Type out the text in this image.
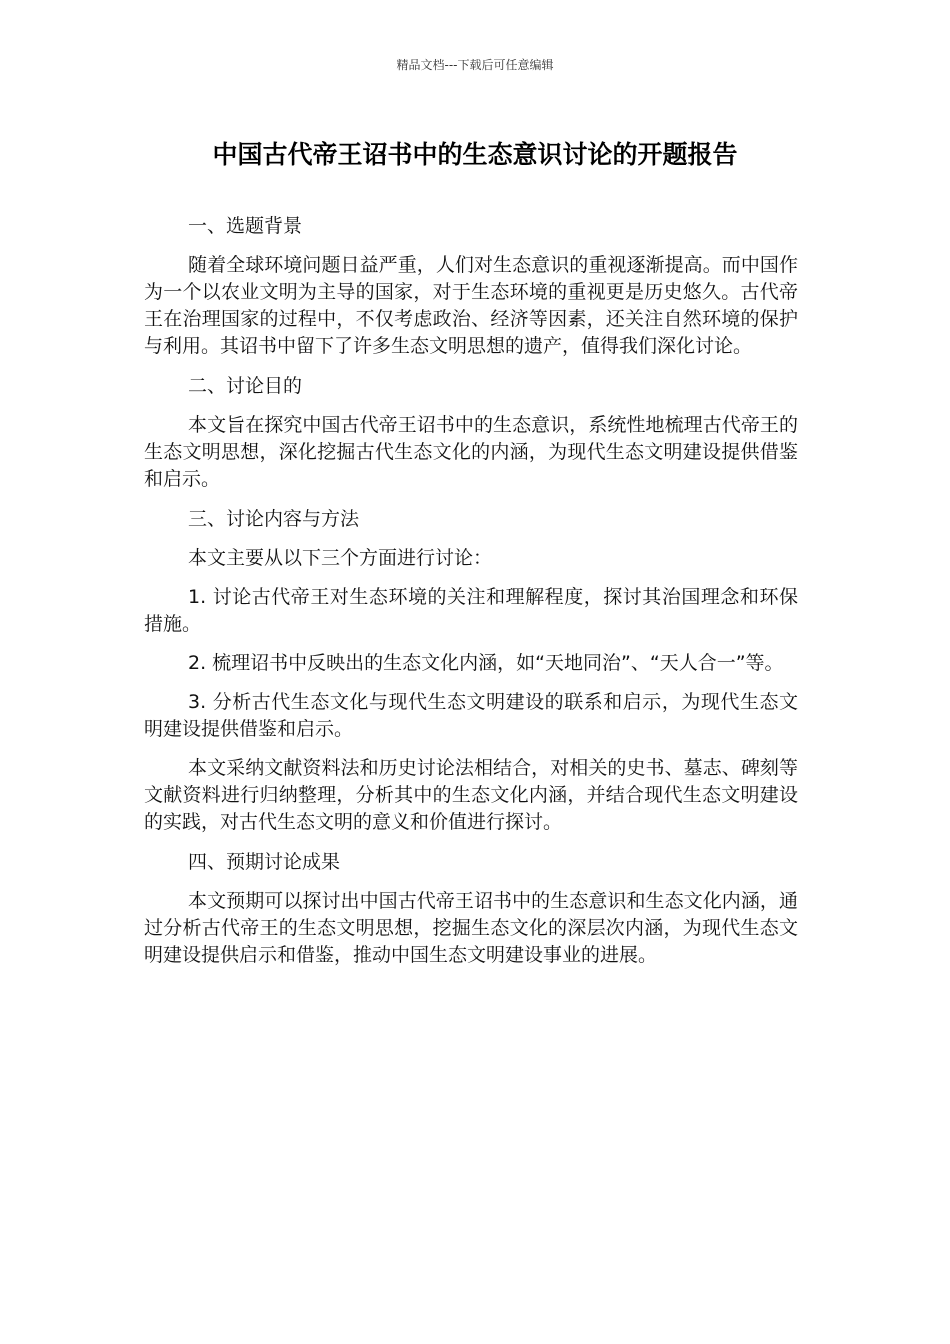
精品文档---下载后可任意编辑
中国古代帝王诏书中的生态意识讨论的开题报告
一、选题背景

随着全球环境问题日益严重，人们对生态意识的重视逐渐提高。而中国作为一个以农业文明为主导的国家，对于生态环境的重视更是历史悠久。古代帝王在治理国家的过程中，不仅考虑政治、经济等因素，还关注自然环境的保护与利用。其诏书中留下了许多生态文明思想的遗产，值得我们深化讨论。

二、讨论目的

本文旨在探究中国古代帝王诏书中的生态意识，系统性地梳理古代帝王的生态文明思想，深化挖掘古代生态文化的内涵，为现代生态文明建设提供借鉴和启示。

三、讨论内容与方法

本文主要从以下三个方面进行讨论：

1. 讨论古代帝王对生态环境的关注和理解程度，探讨其治国理念和环保措施。

2. 梳理诏书中反映出的生态文化内涵，如“天地同治”、“天人合一”等。

3. 分析古代生态文化与现代生态文明建设的联系和启示，为现代生态文明建设提供借鉴和启示。

本文采纳文献资料法和历史讨论法相结合，对相关的史书、墓志、碑刻等文献资料进行归纳整理，分析其中的生态文化内涵，并结合现代生态文明建设的实践，对古代生态文明的意义和价值进行探讨。

四、预期讨论成果

本文预期可以探讨出中国古代帝王诏书中的生态意识和生态文化内涵，通过分析古代帝王的生态文明思想，挖掘生态文化的深层次内涵，为现代生态文明建设提供启示和借鉴，推动中国生态文明建设事业的进展。
